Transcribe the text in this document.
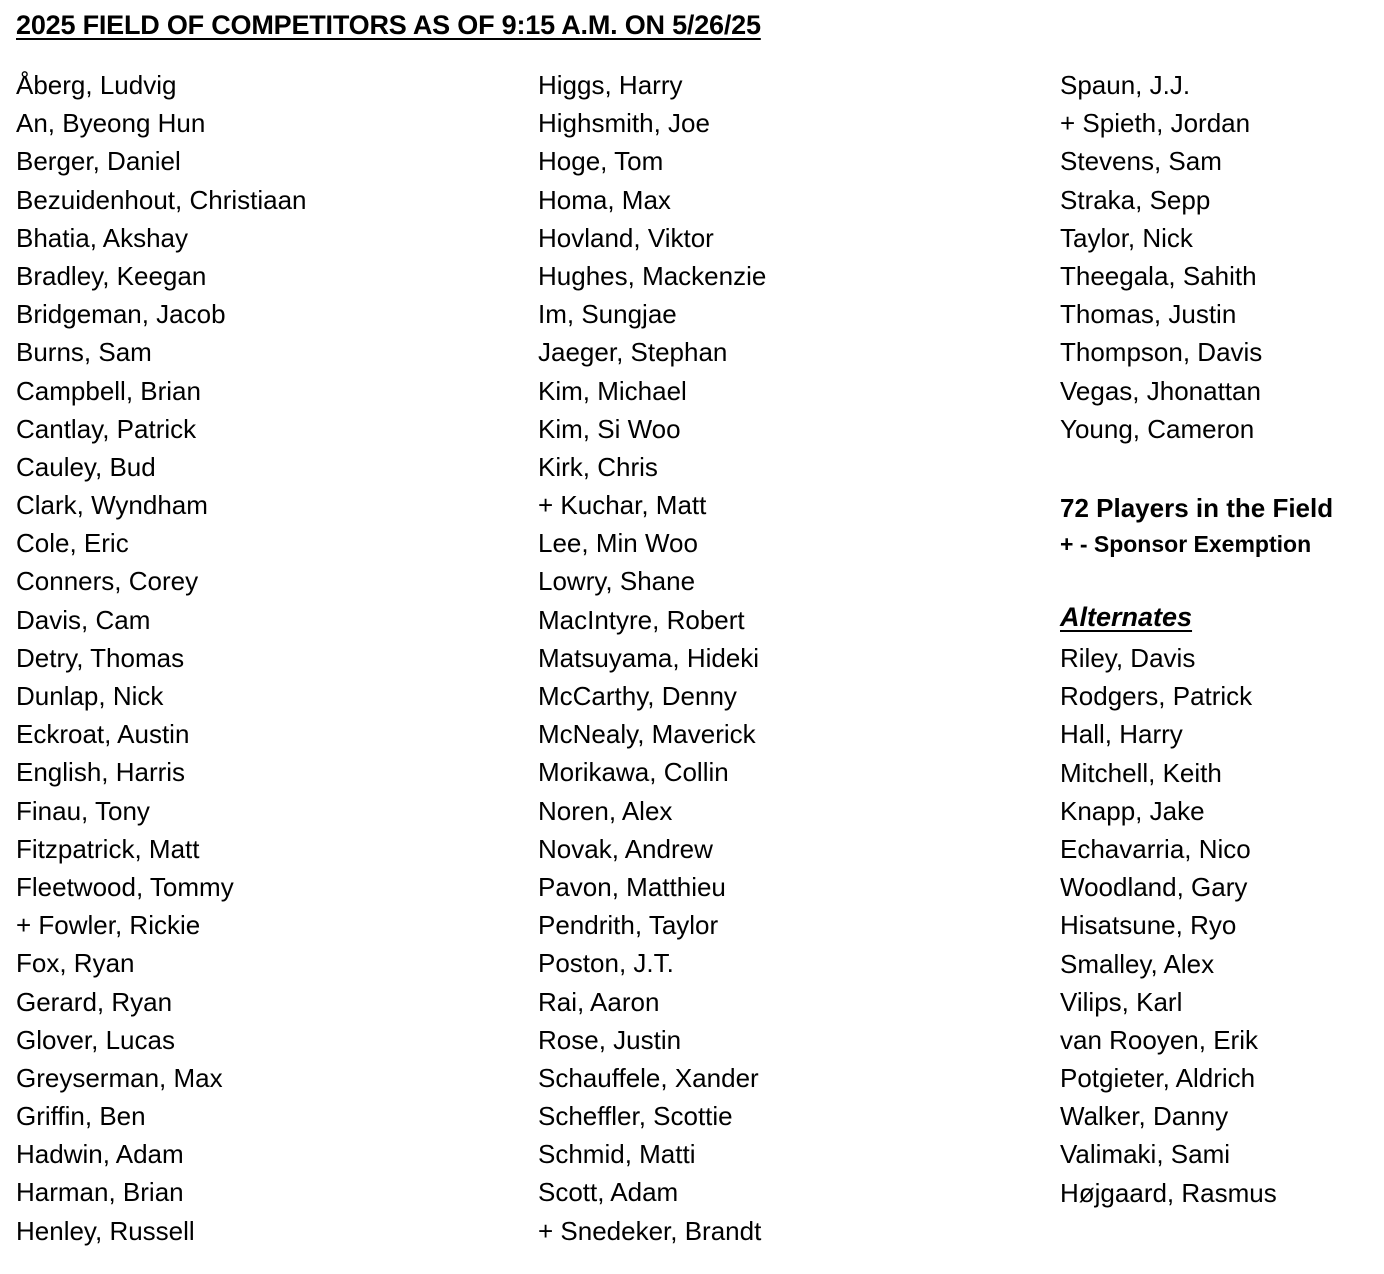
2025 FIELD OF COMPETITORS AS OF 9:15 A.M. ON 5/26/25
Åberg, Ludvig
An, Byeong Hun
Berger, Daniel
Bezuidenhout, Christiaan
Bhatia, Akshay
Bradley, Keegan
Bridgeman, Jacob
Burns, Sam
Campbell, Brian
Cantlay, Patrick
Cauley, Bud
Clark, Wyndham
Cole, Eric
Conners, Corey
Davis, Cam
Detry, Thomas
Dunlap, Nick
Eckroat, Austin
English, Harris
Finau, Tony
Fitzpatrick, Matt
Fleetwood, Tommy
+ Fowler, Rickie
Fox, Ryan
Gerard, Ryan
Glover, Lucas
Greyserman, Max
Griffin, Ben
Hadwin, Adam
Harman, Brian
Henley, Russell
Higgs, Harry
Highsmith, Joe
Hoge, Tom
Homa, Max
Hovland, Viktor
Hughes, Mackenzie
Im, Sungjae
Jaeger, Stephan
Kim, Michael
Kim, Si Woo
Kirk, Chris
+ Kuchar, Matt
Lee, Min Woo
Lowry, Shane
MacIntyre, Robert
Matsuyama, Hideki
McCarthy, Denny
McNealy, Maverick
Morikawa, Collin
Noren, Alex
Novak, Andrew
Pavon, Matthieu
Pendrith, Taylor
Poston, J.T.
Rai, Aaron
Rose, Justin
Schauffele, Xander
Scheffler, Scottie
Schmid, Matti
Scott, Adam
+ Snedeker, Brandt
Spaun, J.J.
+ Spieth, Jordan
Stevens, Sam
Straka, Sepp
Taylor, Nick
Theegala, Sahith
Thomas, Justin
Thompson, Davis
Vegas, Jhonattan
Young, Cameron
72 Players in the Field
+ - Sponsor Exemption
Alternates
Riley, Davis
Rodgers, Patrick
Hall, Harry
Mitchell, Keith
Knapp, Jake
Echavarria, Nico
Woodland, Gary
Hisatsune, Ryo
Smalley, Alex
Vilips, Karl
van Rooyen, Erik
Potgieter, Aldrich
Walker, Danny
Valimaki, Sami
Højgaard, Rasmus
